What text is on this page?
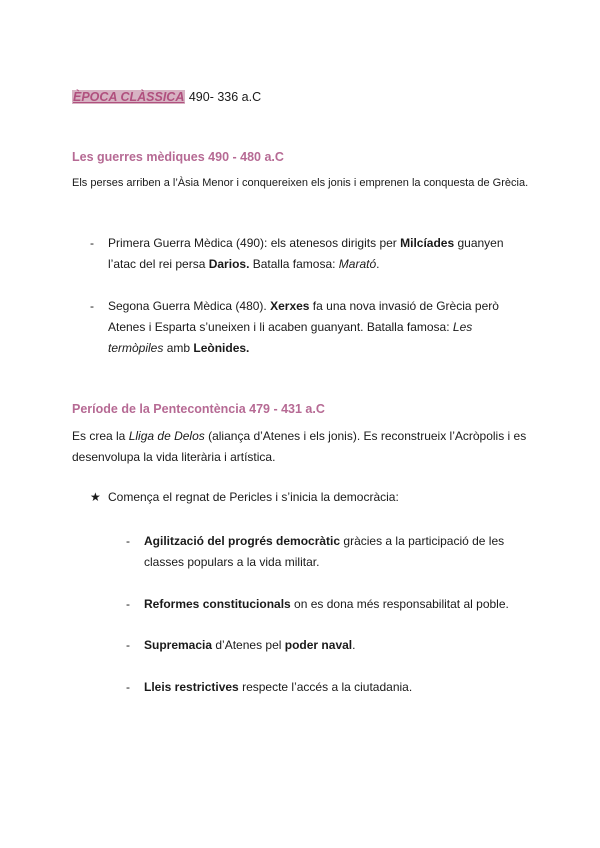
ÈPOCA CLÀSSICA 490- 336 a.C
Les guerres mèdiques 490 - 480 a.C

Els perses arriben a l’Àsia Menor i conquereixen els jonis i emprenen la conquesta de Grècia.

- Primera Guerra Mèdica (490): els atenesos dirigits per Milcíades guanyen l’atac del rei persa Darios. Batalla famosa: Marató.

- Segona Guerra Mèdica (480). Xerxes fa una nova invasió de Grècia però Atenes i Esparta s’uneixen i li acaben guanyant. Batalla famosa: Les termòpiles amb Leònides.

Període de la Pentecontència 479 - 431 a.C

Es crea la Lliga de Delos (aliança d’Atenes i els jonis). Es reconstrueix l’Acròpolis i es desenvolupa la vida literària i artística.

★ Comença el regnat de Pericles i s’inicia la democràcia:

- Agilització del progrés democràtic gràcies a la participació de les classes populars a la vida militar.

- Reformes constitucionals on es dona més responsabilitat al poble.

- Supremacia d’Atenes pel poder naval.

- Lleis restrictives respecte l’accés a la ciutadania.
